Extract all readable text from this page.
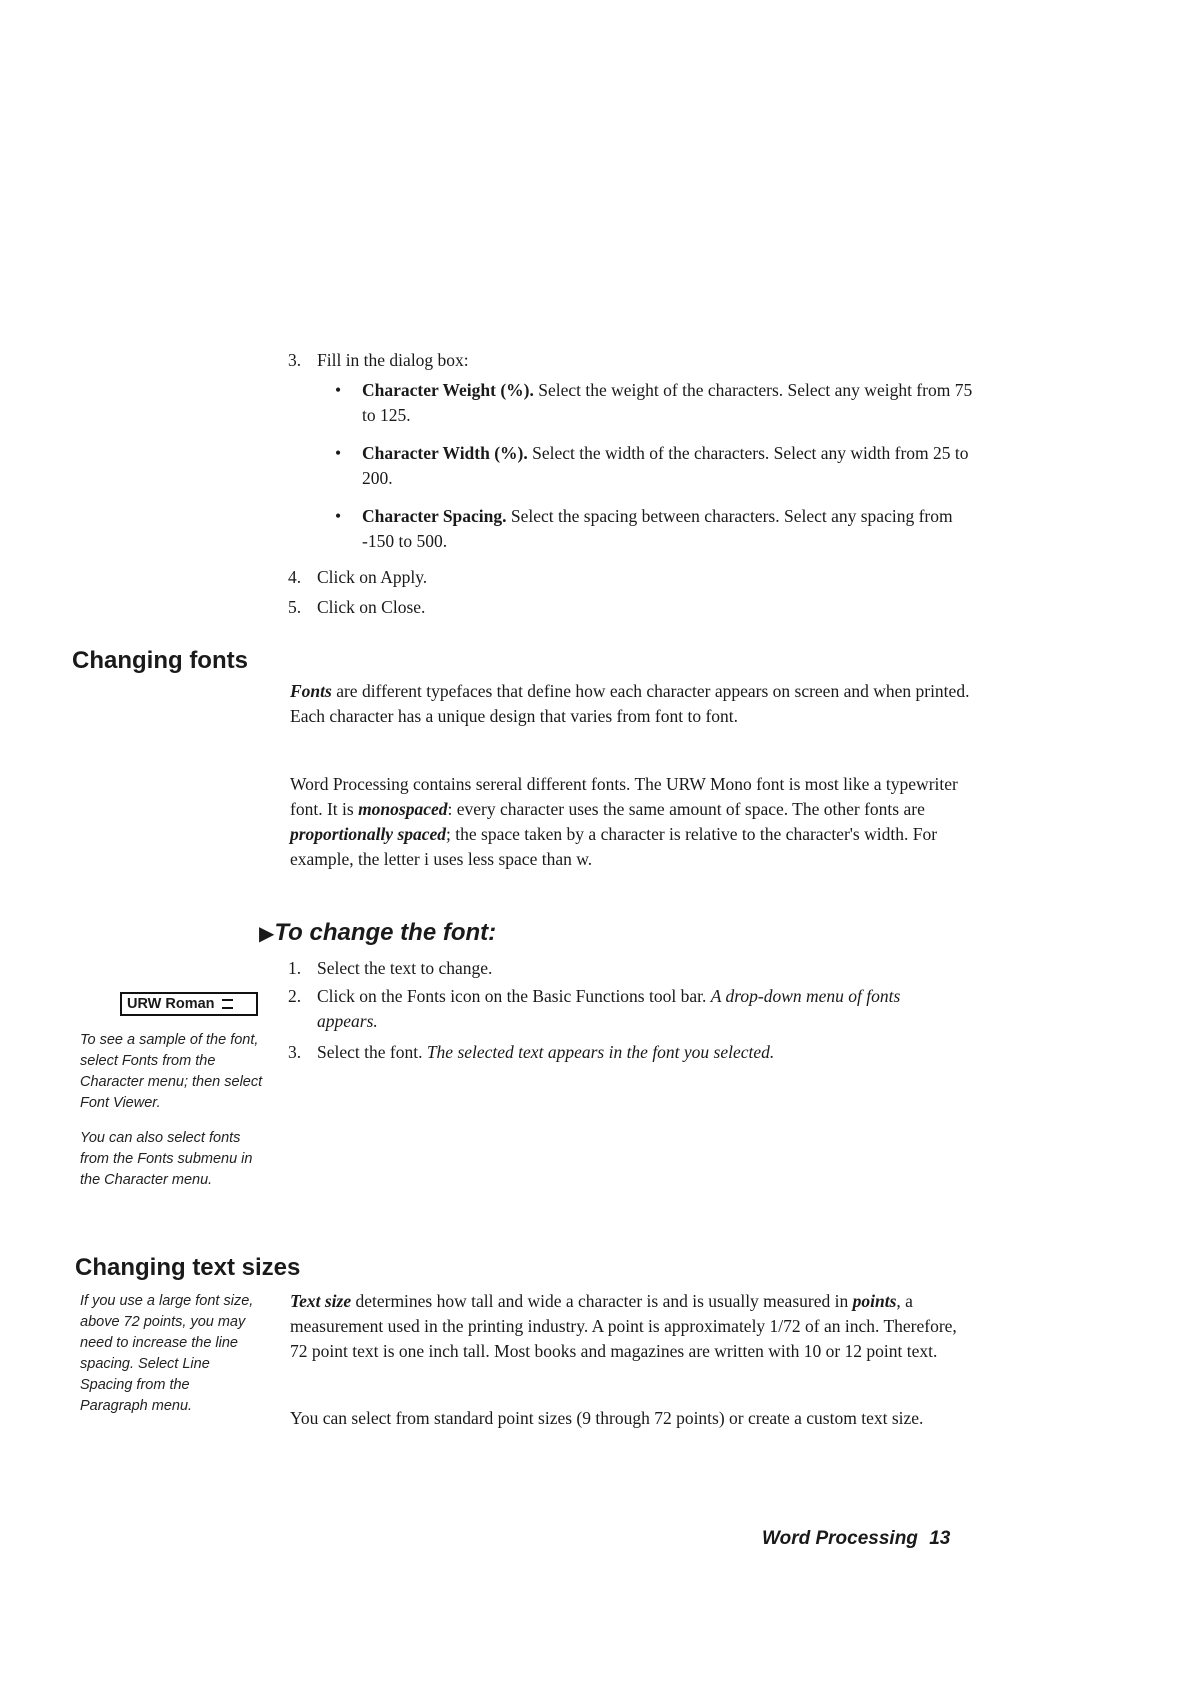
3. Fill in the dialog box:
• Character Weight (%). Select the weight of the characters. Select any weight from 75 to 125.
• Character Width (%). Select the width of the characters. Select any width from 25 to 200.
• Character Spacing. Select the spacing between characters. Select any spacing from -150 to 500.
4. Click on Apply.
5. Click on Close.
Changing fonts

Fonts are different typefaces that define how each character appears on screen and when printed. Each character has a unique design that varies from font to font.

Word Processing contains sereral different fonts. The URW Mono font is most like a typewriter font. It is monospaced: every character uses the same amount of space. The other fonts are proportionally spaced; the space taken by a character is relative to the character's width. For example, the letter i uses less space than w.

▶To change the font:
1. Select the text to change.
2. Click on the Fonts icon on the Basic Functions tool bar. A drop-down menu of fonts appears.
3. Select the font. The selected text appears in the font you selected.
URW Roman

To see a sample of the font, select Fonts from the Character menu; then select Font Viewer.

You can also select fonts from the Fonts submenu in the Character menu.

Changing text sizes

If you use a large font size, above 72 points, you may need to increase the line spacing. Select Line Spacing from the Paragraph menu.

Text size determines how tall and wide a character is and is usually measured in points, a measurement used in the printing industry. A point is approximately 1/72 of an inch. Therefore, 72 point text is one inch tall. Most books and magazines are written with 10 or 12 point text.

You can select from standard point sizes (9 through 72 points) or create a custom text size.

Word Processing 13
